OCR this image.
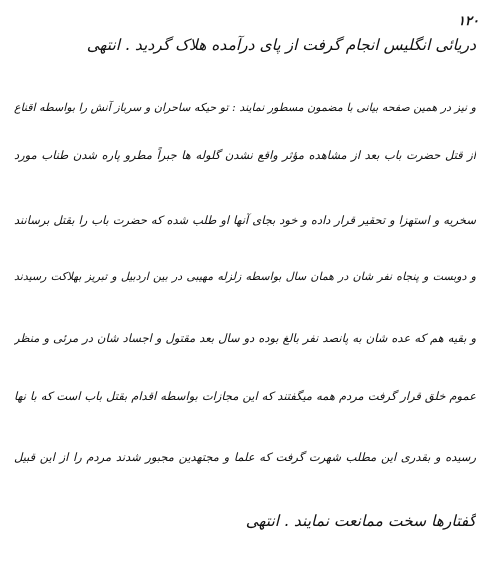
۱۲۰
دریائی انگلیس انجام گرفت از پای درآمده هلاک گردید . انتهی
و نیز در همین صفحه بیانی با مضمون مسطور نمایند : تو حیکه ساحران و سرباز آنش را بواسطه اقناع
از قتل حضرت باب بعد از مشاهده مؤثر واقع نشدن گلوله ها جبراً مطرو پاره شدن طناب مورد
سخریه و استهزا و تحقیر قرار داده و خود بجای آنها او طلب شده که حضرت باب را بقتل برسانند
و دوبست و پنجاه نفر شان در همان سال بواسطه زلزله مهیبی در بین اردبیل و تبریز بهلاکت رسیدند
و بقیه هم که عده شان به پانصد نفر بالغ بوده دو سال بعد مقتول و اجساد شان در مرئی و منظر
عموم خلق قرار گرفت مردم همه میگفتند که این مجازات بواسطه اقدام بقتل باب است که با نها
رسیده و بقدری این مطلب شهرت گرفت که علما و مجتهدین مجبور شدند مردم را از این قبیل
گفتارها سخت ممانعت نمایند . انتهی
